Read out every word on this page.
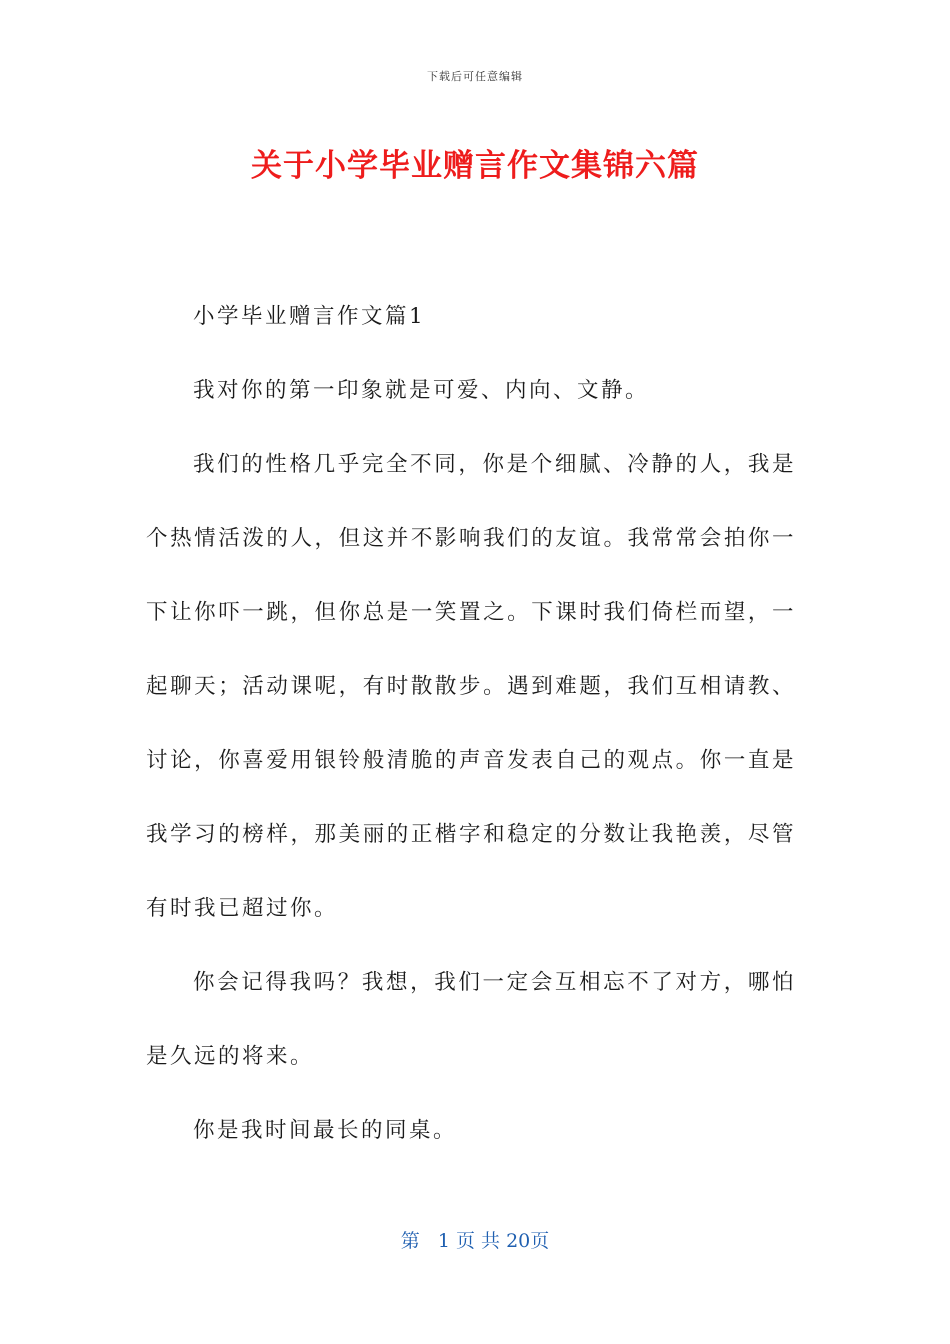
下载后可任意编辑
关于小学毕业赠言作文集锦六篇

小学毕业赠言作文篇1

我对你的第一印象就是可爱、内向、文静。

我们的性格几乎完全不同，你是个细腻、冷静的人，我是个热情活泼的人，但这并不影响我们的友谊。我常常会拍你一下让你吓一跳，但你总是一笑置之。下课时我们倚栏而望，一起聊天；活动课呢，有时散散步。遇到难题，我们互相请教、讨论，你喜爱用银铃般清脆的声音发表自己的观点。你一直是我学习的榜样，那美丽的正楷字和稳定的分数让我艳羡，尽管有时我已超过你。

你会记得我吗？我想，我们一定会互相忘不了对方，哪怕是久远的将来。

你是我时间最长的同桌。

第 1 页 共 20页
